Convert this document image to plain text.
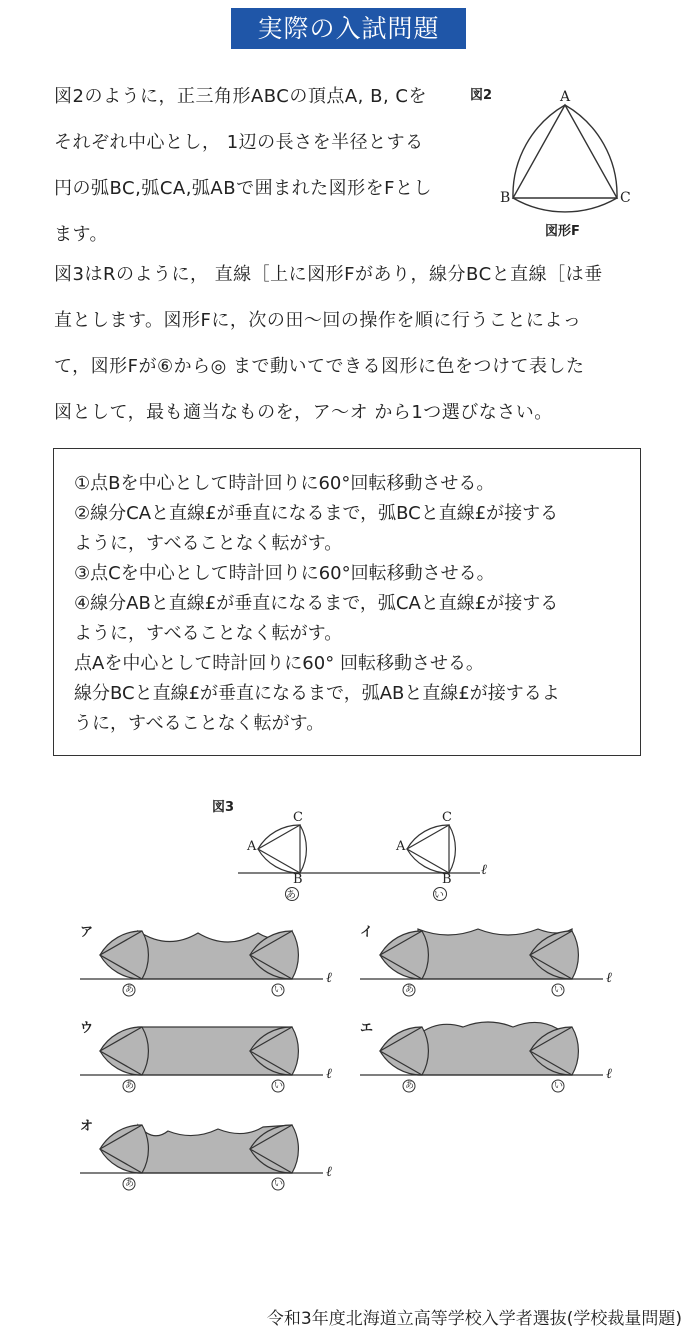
実際の入試問題
図2のように，正三角形ABCの頂点A, B, Cを
それぞれ中心とし， 1辺の長さを半径とする
円の弧BC,弧CA,弧ABで囲まれた図形をFとし
ます。
図2	A
B	C
図形F
図3はRのように， 直線［上に図形Fがあり，線分BCと直線［は垂
直とします。図形Fに，次の田〜回の操作を順に行うことによっ
て，図形Fが⑥から◎ まで動いてできる図形に色をつけて表した
図として，最も適当なものを，ア〜オ から1つ選びなさい。
①点Bを中心として時計回りに60°回転移動させる。
②線分CAと直線£が垂直になるまで，弧BCと直線£が接する
ように，すべることなく転がす。
③点Cを中心として時計回りに60°回転移動させる。
④線分ABと直線£が垂直になるまで，弧CAと直線£が接する
ように，すべることなく転がす。
点Aを中心として時計回りに60° 回転移動させる。
線分BCと直線£が垂直になるまで，弧ABと直線£が接するよ
うに，すべることなく転がす。
図3
C
A
B
C
A
B
ℓ
あ	い
ア
ℓ
あ	い
イ
ℓ
あ	い
ウ
ℓ
あ	い
エ
ℓ
あ	い
オ
ℓ
あ	い
令和3年度北海道立高等学校入学者選抜(学校裁量問題)
